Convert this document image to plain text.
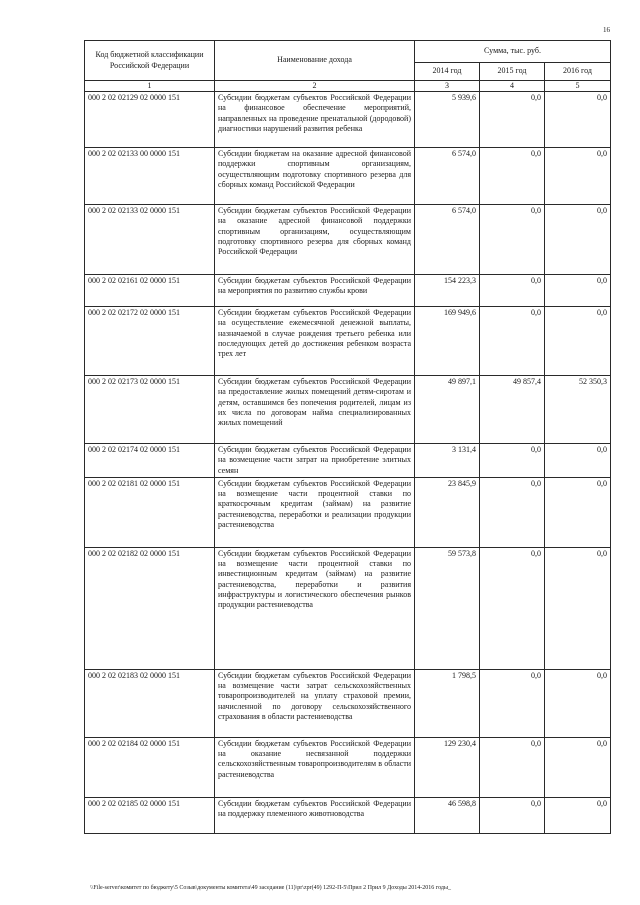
16
Код бюджетной классификации Российской Федерации	Наименование дохода	Сумма, тыс. руб.		
		2014 год	2015 год	2016 год
1	2	3	4	5
000 2 02 02129 02 0000 151	Субсидии бюджетам субъектов Российской Федерации на финансовое обеспечение мероприятий, направленных на проведение пренатальной (дородовой) диагностики нарушений развития ребенка	5 939,6	0,0	0,0
000 2 02 02133 00 0000 151	Субсидии бюджетам на оказание адресной финансовой поддержки спортивным организациям, осуществляющим подготовку спортивного резерва для сборных команд Российской Федерации	6 574,0	0,0	0,0
000 2 02 02133 02 0000 151	Субсидии бюджетам субъектов Российской Федерации на оказание адресной финансовой поддержки спортивным организациям, осуществляющим подготовку спортивного резерва для сборных команд Российской Федерации	6 574,0	0,0	0,0
000 2 02 02161 02 0000 151	Субсидии бюджетам субъектов Российской Федерации на мероприятия по развитию службы крови	154 223,3	0,0	0,0
000 2 02 02172 02 0000 151	Субсидии бюджетам субъектов Российской Федерации на осуществление ежемесячной денежной выплаты, назначаемой в случае рождения третьего ребенка или последующих детей до достижения ребенком возраста трех лет	169 949,6	0,0	0,0
000 2 02 02173 02 0000 151	Субсидии бюджетам субъектов Российской Федерации на предоставление жилых помещений детям-сиротам и детям, оставшимся без попечения родителей, лицам из их числа по договорам найма специализированных жилых помещений	49 897,1	49 857,4	52 350,3
000 2 02 02174 02 0000 151	Субсидии бюджетам субъектов Российской Федерации на возмещение части затрат на приобретение элитных семян	3 131,4	0,0	0,0
000 2 02 02181 02 0000 151	Субсидии бюджетам субъектов Российской Федерации на возмещение части процентной ставки по краткосрочным кредитам (займам) на развитие растениеводства, переработки и реализации продукции растениеводства	23 845,9	0,0	0,0
000 2 02 02182 02 0000 151	Субсидии бюджетам субъектов Российской Федерации на возмещение части процентной ставки по инвестиционным кредитам (займам) на развитие растениеводства, переработки и развития инфраструктуры и логистического обеспечения рынков продукции растениеводства	59 573,8	0,0	0,0
000 2 02 02183 02 0000 151	Субсидии бюджетам субъектов Российской Федерации на возмещение части затрат сельскохозяйственных товаропроизводителей на уплату страховой премии, начисленной по договору сельскохозяйственного страхования в области растениеводства	1 798,5	0,0	0,0
000 2 02 02184 02 0000 151	Субсидии бюджетам субъектов Российской Федерации на оказание несвязанной поддержки сельскохозяйственным товаропроизводителям в области растениеводства	129 230,4	0,0	0,0
000 2 02 02185 02 0000 151	Субсидии бюджетам субъектов Российской Федерации на поддержку племенного животноводства	46 598,8	0,0	0,0
\\File-server\комитет по бюджету\5 Созыв\документы комитета\49 заседание (11)\pr\zpr(49) 1292-П-5\Прил 2 Прил 9 Доходы 2014-2016 годы_
